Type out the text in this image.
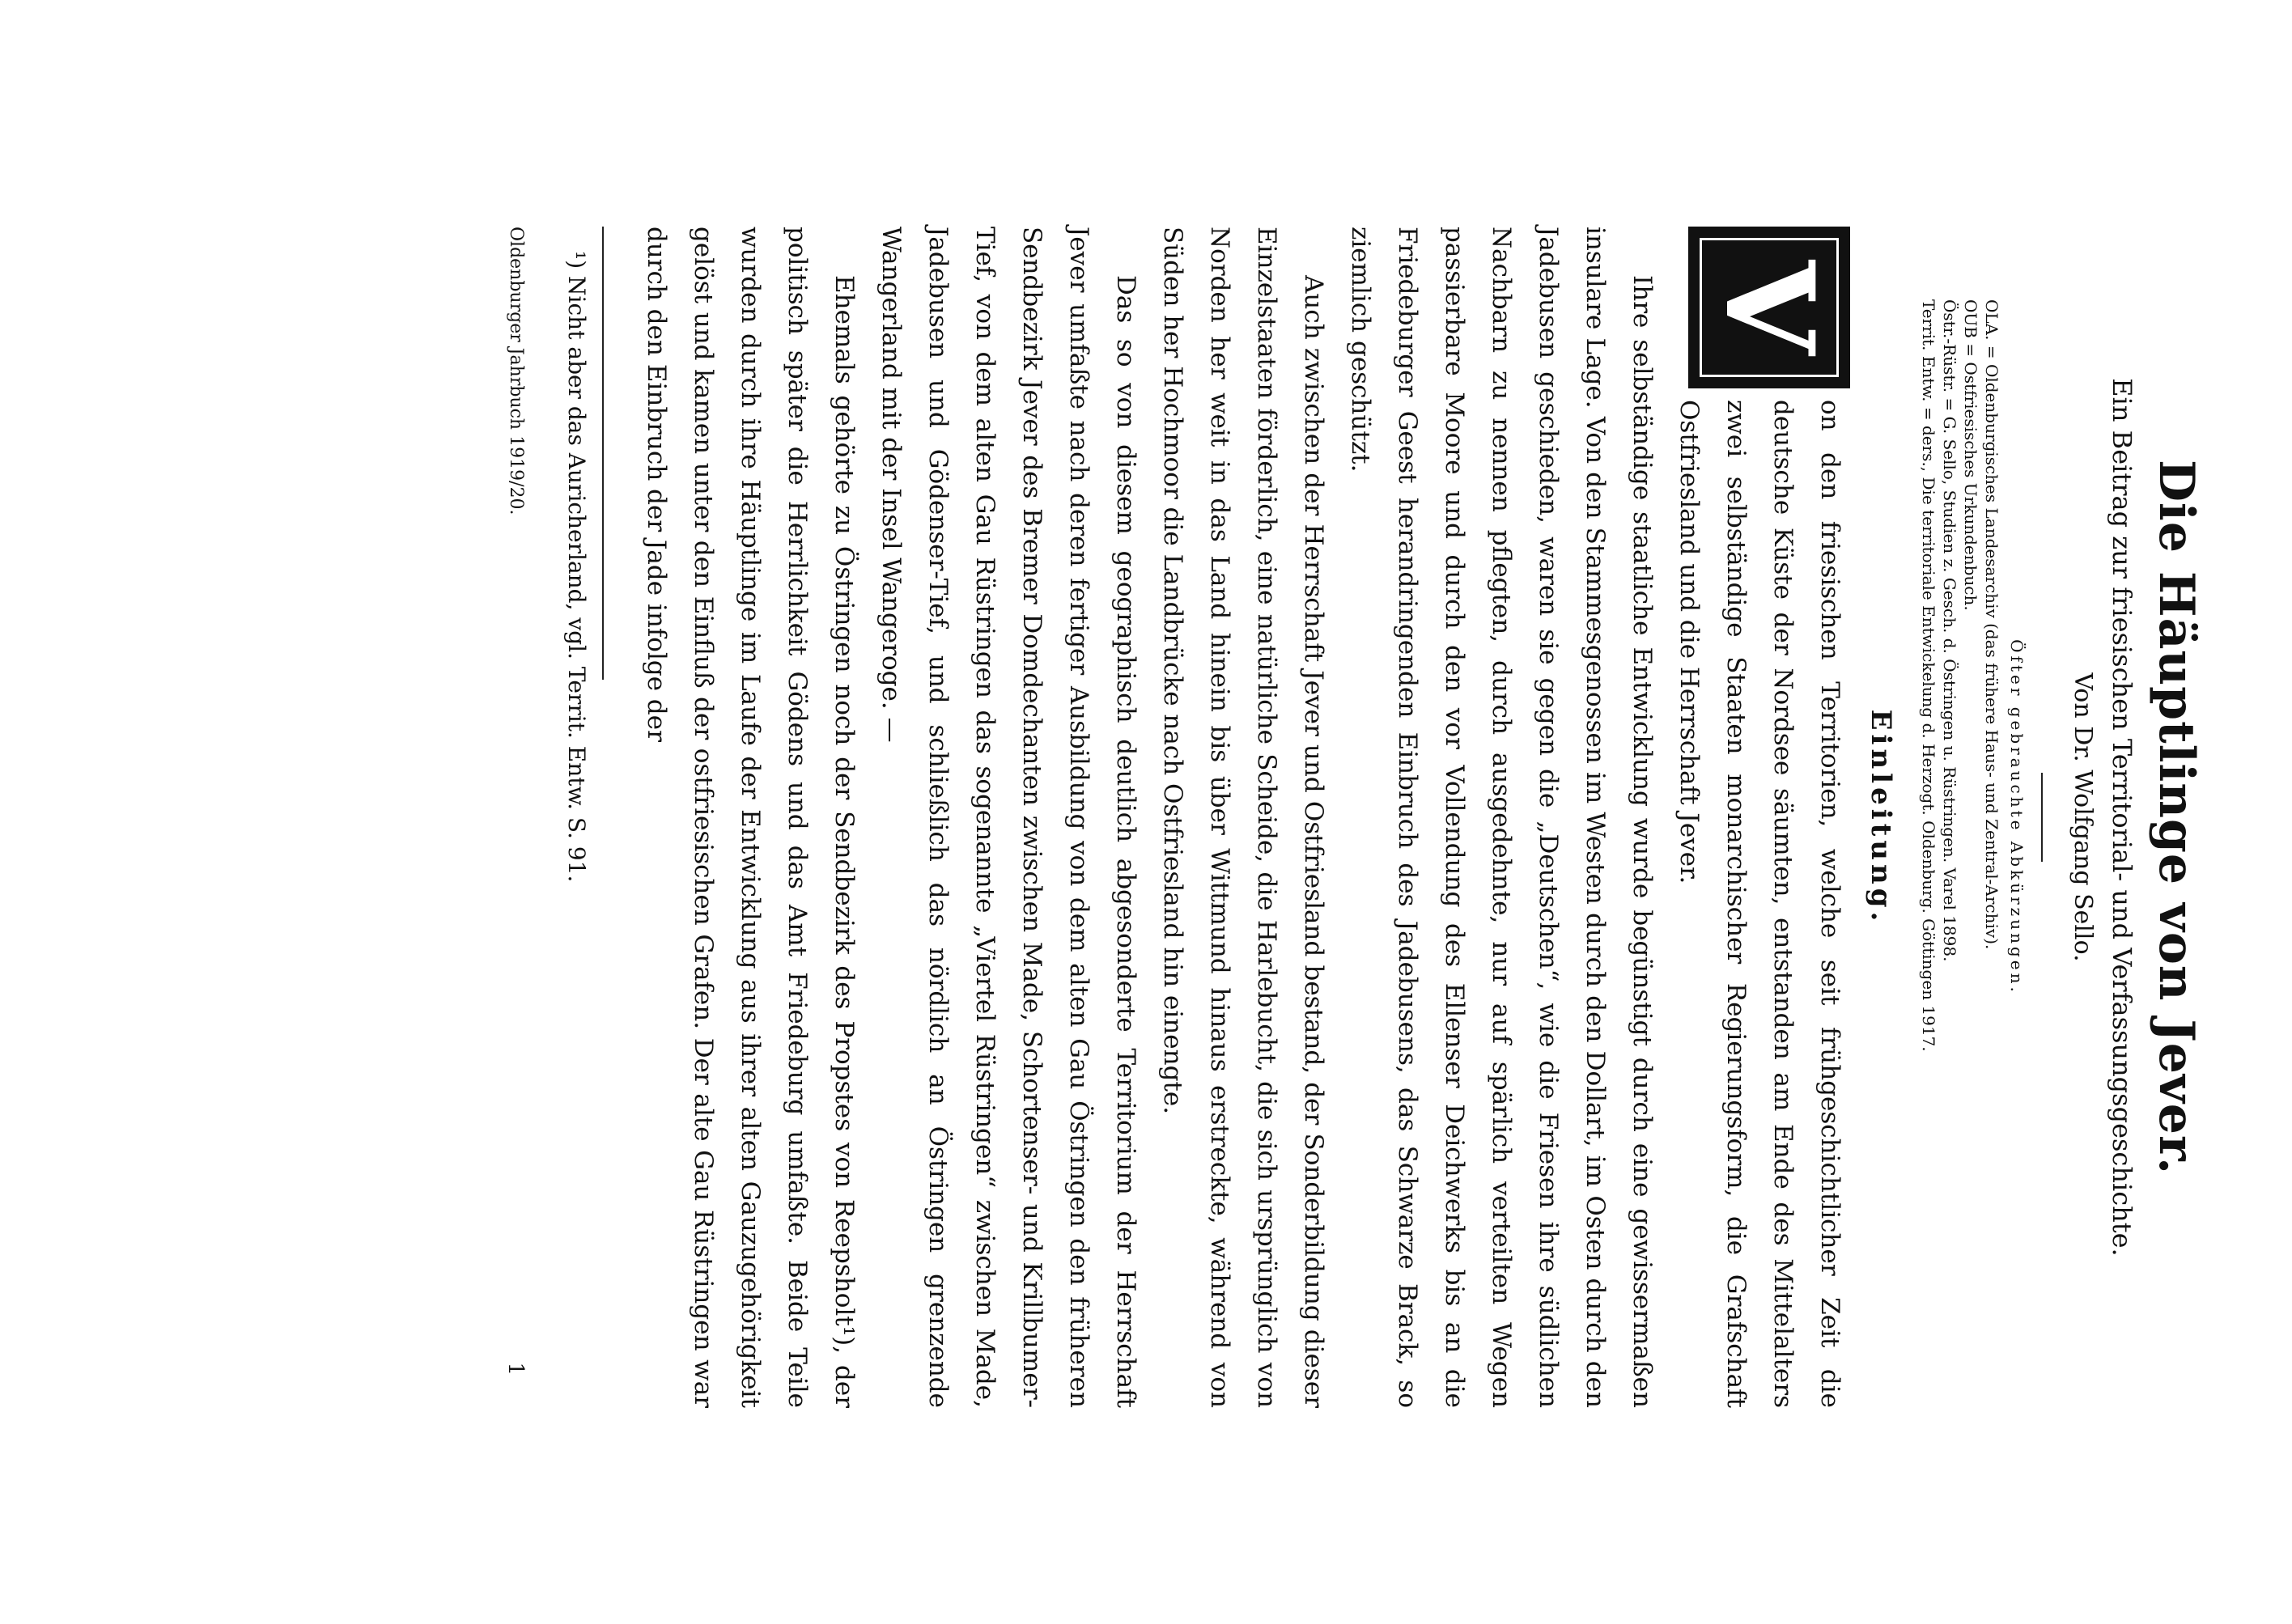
Die Häuptlinge von Jever.
Ein Beitrag zur friesischen Territorial- und Verfassungsgeschichte.
Von Dr. Wolfgang Sello.
Öfter gebrauchte Abkürzungen.
OLA. = Oldenburgisches Landesarchiv (das frühere Haus- und Zentral-Archiv).
OUB = Ostfriesisches Urkundenbuch.
Östr.-Rüstr. = G. Sello, Studien z. Gesch. d. Östringen u. Rüstringen. Varel 1898.
Territ. Entw. = ders., Die territoriale Entwickelung d. Herzogt. Oldenburg. Göttingen 1917.
Einleitung.

V
on den friesischen Territorien, welche seit frühgeschichtlicher Zeit die deutsche Küste der Nordsee säumten, entstanden am Ende des Mittelalters zwei selbständige Staaten monarchischer Regierungsform, die Grafschaft Ostfriesland und die Herrschaft Jever.

Ihre selbständige staatliche Entwicklung wurde begünstigt durch eine gewissermaßen insulare Lage. Von den Stammesgenossen im Westen durch den Dollart, im Osten durch den Jadebusen geschieden, waren sie gegen die „Deutschen“, wie die Friesen ihre südlichen Nachbarn zu nennen pflegten, durch ausgedehnte, nur auf spärlich verteilten Wegen passierbare Moore und durch den vor Vollendung des Ellenser Deichwerks bis an die Friedeburger Geest herandringenden Einbruch des Jadebusens, das Schwarze Brack, so ziemlich geschützt.

Auch zwischen der Herrschaft Jever und Ostfriesland bestand, der Sonderbildung dieser Einzelstaaten förderlich, eine natürliche Scheide, die Harlebucht, die sich ursprünglich von Norden her weit in das Land hinein bis über Wittmund hinaus erstreckte, während von Süden her Hochmoor die Landbrücke nach Ostfriesland hin einengte.

Das so von diesem geographisch deutlich abgesonderte Territorium der Herrschaft Jever umfaßte nach deren fertiger Ausbildung von dem alten Gau Östringen den früheren Sendbezirk Jever des Bremer Domdechanten zwischen Made, Schortenser- und Krillbumer-Tief, von dem alten Gau Rüstringen das sogenannte „Viertel Rüstringen“ zwischen Made, Jadebusen und Gödenser-Tief, und schließlich das nördlich an Östringen grenzende Wangerland mit der Insel Wangeroge. —

Ehemals gehörte zu Östringen noch der Sendbezirk des Propstes von Reepsholt¹), der politisch später die Herrlichkeit Gödens und das Amt Friedeburg umfaßte. Beide Teile wurden durch ihre Häuptlinge im Laufe der Entwicklung aus ihrer alten Gauzugehörigkeit gelöst und kamen unter den Einfluß der ostfriesischen Grafen. Der alte Gau Rüstringen war durch den Einbruch der Jade infolge der

¹) Nicht aber das Auricherland, vgl. Territ. Entw. S. 91.
Oldenburger Jahrbuch 1919/20.
1
